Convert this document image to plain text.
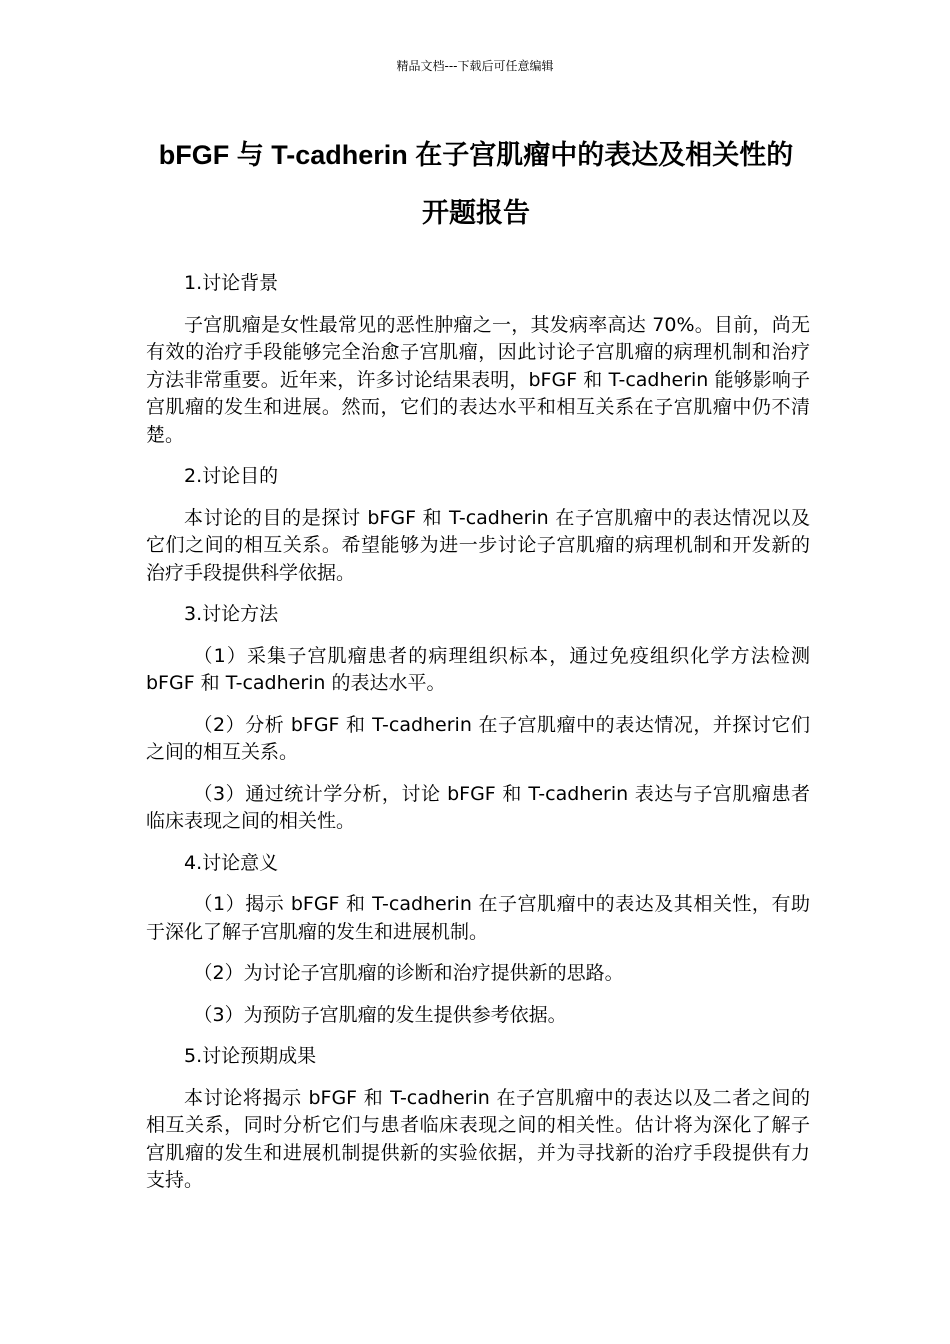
精品文档---下载后可任意编辑
bFGF 与 T-cadherin 在子宫肌瘤中的表达及相关性的
开题报告
1.讨论背景
子宫肌瘤是女性最常见的恶性肿瘤之一，其发病率高达 70%。目前，尚无有效的治疗手段能够完全治愈子宫肌瘤，因此讨论子宫肌瘤的病理机制和治疗方法非常重要。近年来，许多讨论结果表明，bFGF 和 T-cadherin 能够影响子宫肌瘤的发生和进展。然而，它们的表达水平和相互关系在子宫肌瘤中仍不清楚。
2.讨论目的
本讨论的目的是探讨 bFGF 和 T-cadherin 在子宫肌瘤中的表达情况以及它们之间的相互关系。希望能够为进一步讨论子宫肌瘤的病理机制和开发新的治疗手段提供科学依据。
3.讨论方法
（1）采集子宫肌瘤患者的病理组织标本，通过免疫组织化学方法检测 bFGF 和 T-cadherin 的表达水平。
（2）分析 bFGF 和 T-cadherin 在子宫肌瘤中的表达情况，并探讨它们之间的相互关系。
（3）通过统计学分析，讨论 bFGF 和 T-cadherin 表达与子宫肌瘤患者临床表现之间的相关性。
4.讨论意义
（1）揭示 bFGF 和 T-cadherin 在子宫肌瘤中的表达及其相关性，有助于深化了解子宫肌瘤的发生和进展机制。
（2）为讨论子宫肌瘤的诊断和治疗提供新的思路。
（3）为预防子宫肌瘤的发生提供参考依据。
5.讨论预期成果
本讨论将揭示 bFGF 和 T-cadherin 在子宫肌瘤中的表达以及二者之间的相互关系，同时分析它们与患者临床表现之间的相关性。估计将为深化了解子宫肌瘤的发生和进展机制提供新的实验依据，并为寻找新的治疗手段提供有力支持。
